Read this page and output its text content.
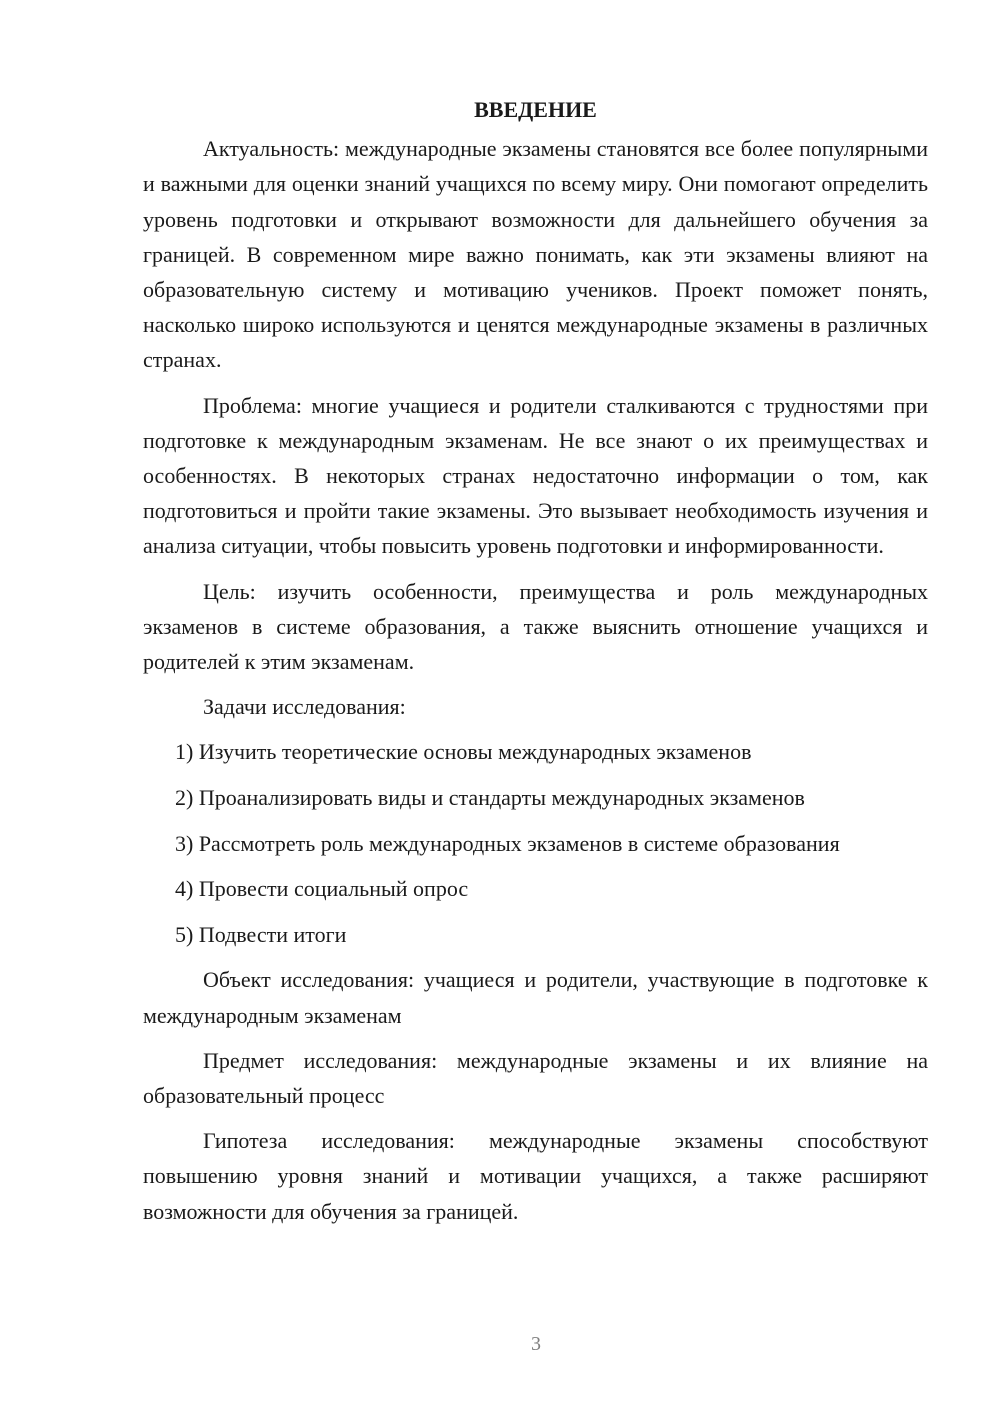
ВВЕДЕНИЕ

Актуальность: международные экзамены становятся все более популярными и важными для оценки знаний учащихся по всему миру. Они помогают определить уровень подготовки и открывают возможности для дальнейшего обучения за границей. В современном мире важно понимать, как эти экзамены влияют на образовательную систему и мотивацию учеников. Проект поможет понять, насколько широко используются и ценятся международные экзамены в различных странах.

Проблема: многие учащиеся и родители сталкиваются с трудностями при подготовке к международным экзаменам. Не все знают о их преимуществах и особенностях. В некоторых странах недостаточно информации о том, как подготовиться и пройти такие экзамены. Это вызывает необходимость изучения и анализа ситуации, чтобы повысить уровень подготовки и информированности.

Цель: изучить особенности, преимущества и роль международных экзаменов в системе образования, а также выяснить отношение учащихся и родителей к этим экзаменам.

Задачи исследования:

1) Изучить теоретические основы международных экзаменов
2) Проанализировать виды и стандарты международных экзаменов
3) Рассмотреть роль международных экзаменов в системе образования
4) Провести социальный опрос
5) Подвести итоги

Объект исследования: учащиеся и родители, участвующие в подготовке к международным экзаменам

Предмет исследования: международные экзамены и их влияние на образовательный процесс

Гипотеза исследования: международные экзамены способствуют повышению уровня знаний и мотивации учащихся, а также расширяют возможности для обучения за границей.

3
